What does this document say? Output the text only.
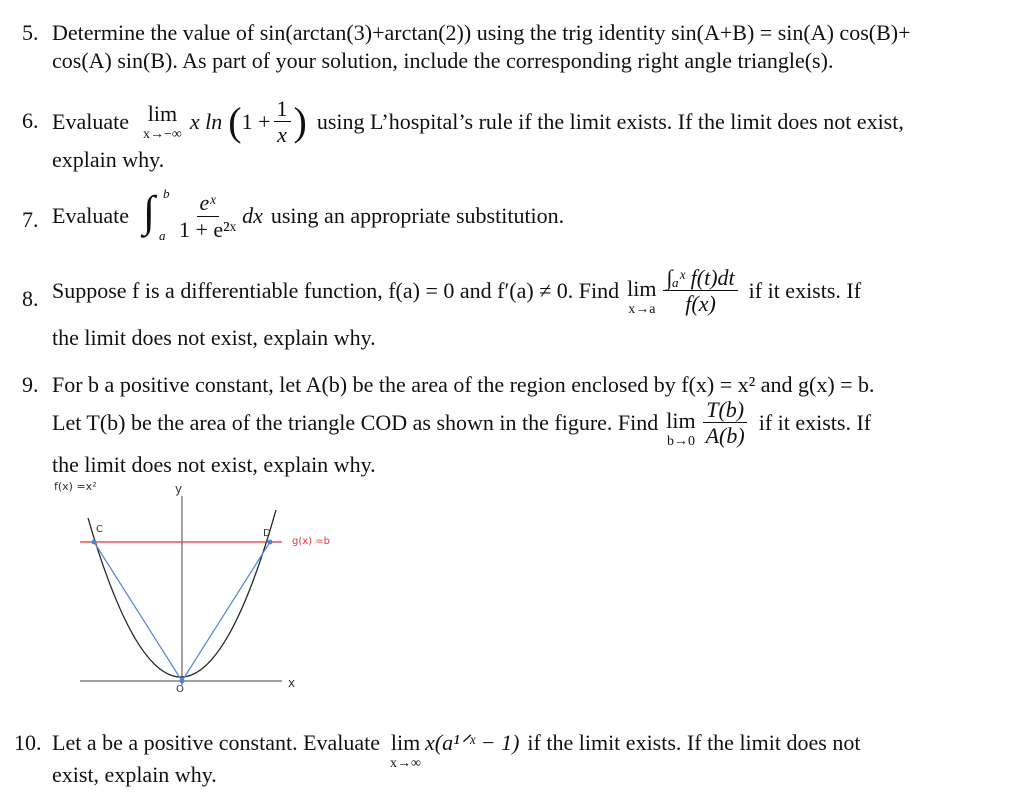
5. Determine the value of sin(arctan(3)+arctan(2)) using the trig identity sin(A+B) = sin(A) cos(B)+
cos(A) sin(B). As part of your solution, include the corresponding right angle triangle(s).
6. Evaluate lim
x→−∞
x ln ( $1 + \frac{1}{x}$ ) using L’hospital’s rule if the limit exists. If the limit does not exist,
explain why.
7. Evaluate ∫ b
a $\frac{\text{eˣ}}{\text{1 + e²ˣ}}$ dx using an appropriate substitution.
8. Suppose f is a differentiable function, f(a) = 0 and f′(a) ≠ 0. Find lim
$x\to a \frac{\text{∫ₐˣ f(t)dt}}{f(x)}$ if it exists. If
the limit does not exist, explain why.
9. For b a positive constant, let A(b) be the area of the region enclosed by f(x) = x² and g(x) = b.
Let T(b) be the area of the triangle COD as shown in the figure. Find lim
$b\to 0 \frac{T(b)}{A(b)}$ if it exists. If
the limit does not exist, explain why.
f(x) =x²	y
C	D
g(x) =b
O	x
10. Let a be a positive constant. Evaluate lim
x→∞
x(a¹ᐟˣ − 1) if the limit exists. If the limit does not
exist, explain why.
